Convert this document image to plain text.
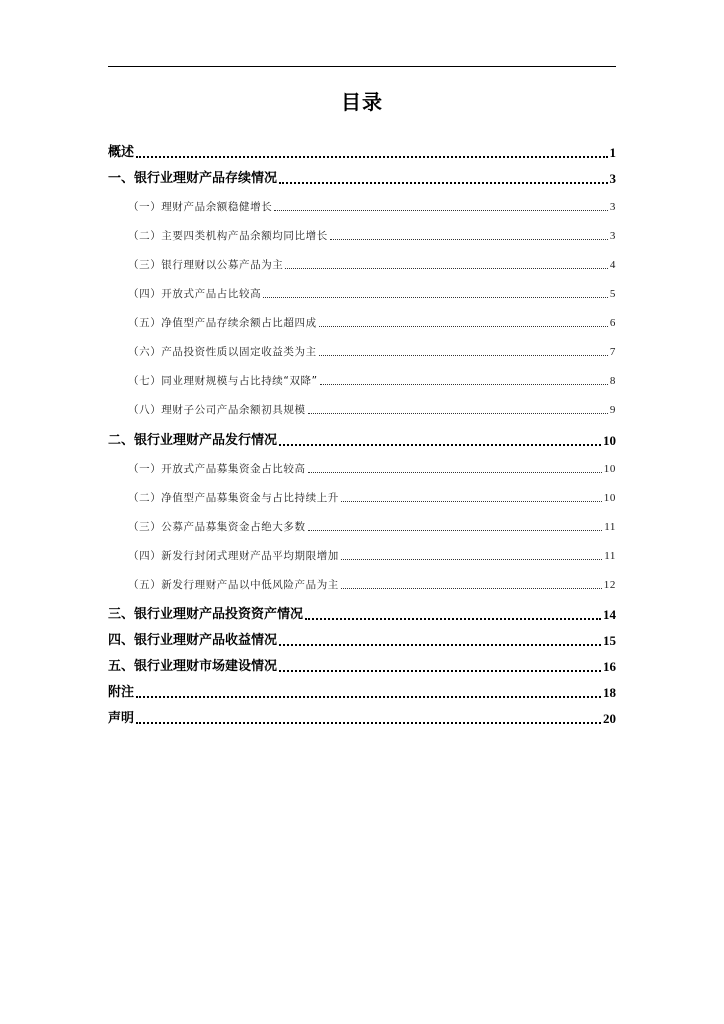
目录
概述	1
一、银行业理财产品存续情况	3
（一）理财产品余额稳健增长	3
（二）主要四类机构产品余额均同比增长	3
（三）银行理财以公募产品为主	4
（四）开放式产品占比较高	5
（五）净值型产品存续余额占比超四成	6
（六）产品投资性质以固定收益类为主	7
（七）同业理财规模与占比持续“双降”	8
（八）理财子公司产品余额初具规模	9
二、银行业理财产品发行情况	10
（一）开放式产品募集资金占比较高	10
（二）净值型产品募集资金与占比持续上升	10
（三）公募产品募集资金占绝大多数	11
（四）新发行封闭式理财产品平均期限增加	11
（五）新发行理财产品以中低风险产品为主	12
三、银行业理财产品投资资产情况	14
四、银行业理财产品收益情况	15
五、银行业理财市场建设情况	16
附注	18
声明	20
